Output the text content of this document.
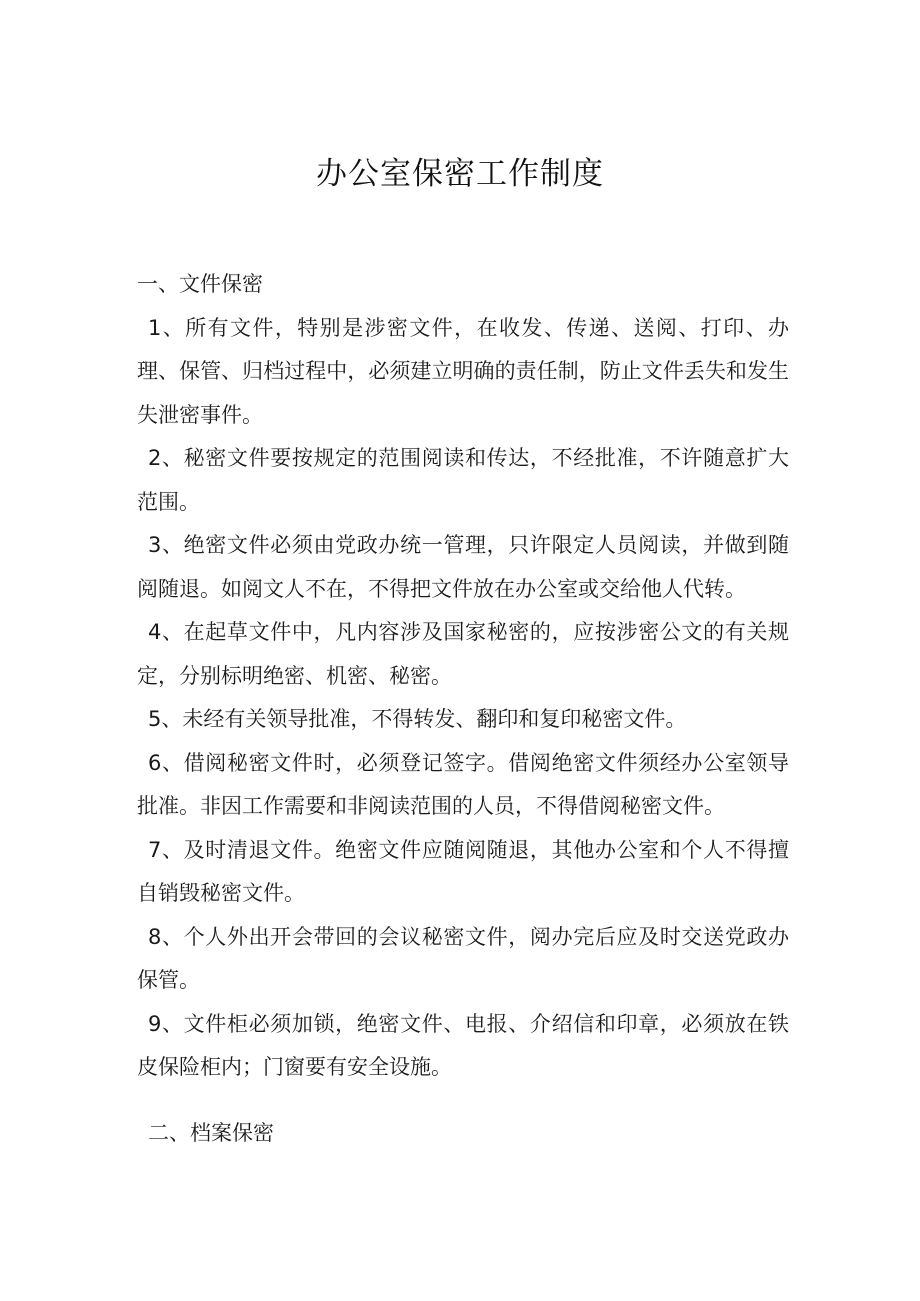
办公室保密工作制度

一、文件保密

1、所有文件，特别是涉密文件，在收发、传递、送阅、打印、办理、保管、归档过程中，必须建立明确的责任制，防止文件丢失和发生失泄密事件。

2、秘密文件要按规定的范围阅读和传达，不经批准，不许随意扩大范围。

3、绝密文件必须由党政办统一管理，只许限定人员阅读，并做到随阅随退。如阅文人不在，不得把文件放在办公室或交给他人代转。

4、在起草文件中，凡内容涉及国家秘密的，应按涉密公文的有关规定，分别标明绝密、机密、秘密。

5、未经有关领导批准，不得转发、翻印和复印秘密文件。

6、借阅秘密文件时，必须登记签字。借阅绝密文件须经办公室领导批准。非因工作需要和非阅读范围的人员，不得借阅秘密文件。

7、及时清退文件。绝密文件应随阅随退，其他办公室和个人不得擅自销毁秘密文件。

8、个人外出开会带回的会议秘密文件，阅办完后应及时交送党政办保管。

9、文件柜必须加锁，绝密文件、电报、介绍信和印章，必须放在铁皮保险柜内；门窗要有安全设施。

二、档案保密
